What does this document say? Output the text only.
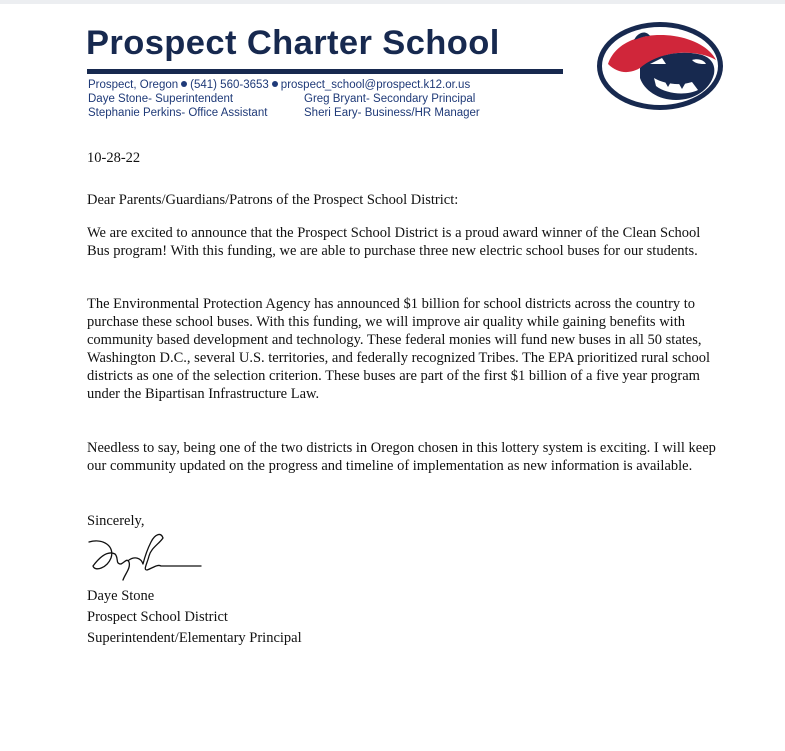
Prospect Charter School
Prospect, Oregon (541) 560-3653 prospect_school@prospect.k12.or.us
Daye Stone- Superintendent	Greg Bryant- Secondary Principal
Stephanie Perkins- Office Assistant	Sheri Eary- Business/HR Manager
10-28-22
Dear Parents/Guardians/Patrons of the Prospect School District:
We are excited to announce that the Prospect School District is a proud award winner of the Clean School Bus program! With this funding, we are able to purchase three new electric school buses for our students.
The Environmental Protection Agency has announced $1 billion for school districts across the country to purchase these school buses. With this funding, we will improve air quality while gaining benefits with community based development and technology. These federal monies will fund new buses in all 50 states, Washington D.C., several U.S. territories, and federally recognized Tribes. The EPA prioritized rural school districts as one of the selection criterion. These buses are part of the first $1 billion of a five year program under the Bipartisan Infrastructure Law.
Needless to say, being one of the two districts in Oregon chosen in this lottery system is exciting. I will keep our community updated on the progress and timeline of implementation as new information is available.
Sincerely,
Daye Stone
Prospect School District
Superintendent/Elementary Principal
